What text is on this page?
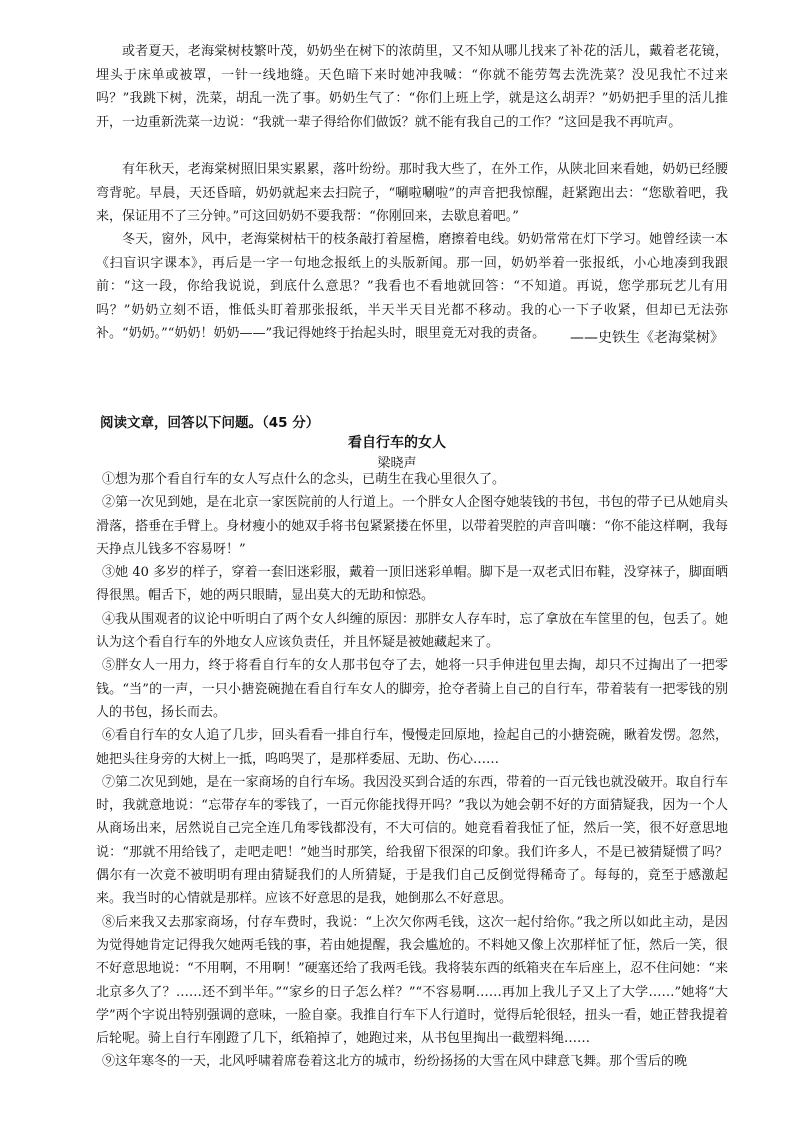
或者夏天，老海棠树枝繁叶茂，奶奶坐在树下的浓荫里，又不知从哪儿找来了补花的活儿，戴着老花镜，埋头于床单或被罩，一针一线地缝。天色暗下来时她冲我喊：“你就不能劳驾去洗洗菜？没见我忙不过来吗？”我跳下树，洗菜，胡乱一洗了事。奶奶生气了：“你们上班上学，就是这么胡弄？”奶奶把手里的活儿推开，一边重新洗菜一边说：“我就一辈子得给你们做饭？就不能有我自己的工作？”这回是我不再吭声。

有年秋天，老海棠树照旧果实累累，落叶纷纷。那时我大些了，在外工作，从陕北回来看她，奶奶已经腰弯背驼。早晨，天还昏暗，奶奶就起来去扫院子，“唰啦唰啦”的声音把我惊醒，赶紧跑出去：“您歇着吧，我来，保证用不了三分钟。”可这回奶奶不要我帮：“你刚回来，去歇息着吧。”

冬天，窗外，风中，老海棠树枯干的枝条敲打着屋檐，磨擦着电线。奶奶常常在灯下学习。她曾经读一本《扫盲识字课本》，再后是一字一句地念报纸上的头版新闻。那一回，奶奶举着一张报纸，小心地凑到我跟前：“这一段，你给我说说，到底什么意思？”我看也不看地就回答：“不知道。再说，您学那玩艺儿有用吗？”奶奶立刻不语，惟低头盯着那张报纸，半天半天目光都不移动。我的心一下子收紧，但却已无法弥补。“奶奶。”“奶奶！奶奶——”我记得她终于抬起头时，眼里竟无对我的责备。	——史铁生《老海棠树》
阅读文章，回答以下问题。（45 分）
看自行车的女人
梁晓声

①想为那个看自行车的女人写点什么的念头，已萌生在我心里很久了。

②第一次见到她，是在北京一家医院前的人行道上。一个胖女人企图夺她装钱的书包，书包的带子已从她肩头滑落，搭垂在手臂上。身材瘦小的她双手将书包紧紧搂在怀里，以带着哭腔的声音叫嚷：“你不能这样啊，我每天挣点儿钱多不容易呀！”

③她 40 多岁的样子，穿着一套旧迷彩服，戴着一顶旧迷彩单帽。脚下是一双老式旧布鞋，没穿袜子，脚面晒得很黑。帽舌下，她的两只眼睛，显出莫大的无助和惊恐。

④我从围观者的议论中听明白了两个女人纠缠的原因：那胖女人存车时，忘了拿放在车筐里的包，包丢了。她认为这个看自行车的外地女人应该负责任，并且怀疑是被她藏起来了。

⑤胖女人一用力，终于将看自行车的女人那书包夺了去，她将一只手伸进包里去掏，却只不过掏出了一把零钱。“当”的一声，一只小搪瓷碗抛在看自行车女人的脚旁，抢夺者骑上自己的自行车，带着装有一把零钱的别人的书包，扬长而去。

⑥看自行车的女人追了几步，回头看看一排自行车，慢慢走回原地，捡起自己的小搪瓷碗，瞅着发愣。忽然，她把头往身旁的大树上一抵，呜呜哭了，是那样委屈、无助、伤心……

⑦第二次见到她，是在一家商场的自行车场。我因没买到合适的东西，带着的一百元钱也就没破开。取自行车时，我就意地说：“忘带存车的零钱了，一百元你能找得开吗？”我以为她会朝不好的方面猜疑我，因为一个人从商场出来，居然说自己完全连几角零钱都没有，不大可信的。她竟看着我怔了怔，然后一笑，很不好意思地说：“那就不用给钱了，走吧走吧！”她当时那笑，给我留下很深的印象。我们许多人，不是已被猜疑惯了吗？偶尔有一次竟不被明明有理由猜疑我们的人所猜疑，于是我们自己反倒觉得稀奇了。每每的，竟至于感激起来。我当时的心情就是那样。应该不好意思的是我，她倒那么不好意思。

⑧后来我又去那家商场，付存车费时，我说：“上次欠你两毛钱，这次一起付给你。”我之所以如此主动，是因为觉得她肯定记得我欠她两毛钱的事，若由她提醒，我会尴尬的。不料她又像上次那样怔了怔，然后一笑，很不好意思地说：“不用啊，不用啊！”硬塞还给了我两毛钱。我将装东西的纸箱夹在车后座上，忍不住问她：“来北京多久了？……还不到半年。”“家乡的日子怎么样？”“不容易啊……再加上我儿子又上了大学……”她将“大学”两个字说出特别强调的意味，一脸自豪。我推自行车下人行道时，觉得后轮很轻，扭头一看，她正替我提着后轮呢。骑上自行车刚蹬了几下，纸箱掉了，她跑过来，从书包里掏出一截塑料绳……

⑨这年寒冬的一天，北风呼啸着席卷着这北方的城市，纷纷扬扬的大雪在风中肆意飞舞。那个雪后的晚
